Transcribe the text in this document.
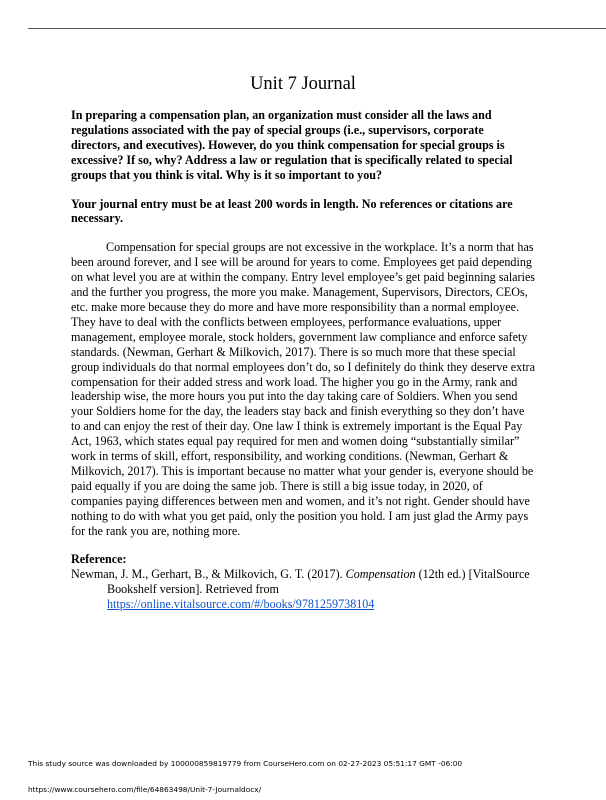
Unit 7 Journal

In preparing a compensation plan, an organization must consider all the laws and regulations associated with the pay of special groups (i.e., supervisors, corporate directors, and executives). However, do you think compensation for special groups is excessive? If so, why? Address a law or regulation that is specifically related to special groups that you think is vital. Why is it so important to you?

Your journal entry must be at least 200 words in length. No references or citations are necessary.

Compensation for special groups are not excessive in the workplace. It’s a norm that has been around forever, and I see will be around for years to come. Employees get paid depending on what level you are at within the company. Entry level employee’s get paid beginning salaries and the further you progress, the more you make. Management, Supervisors, Directors, CEOs, etc. make more because they do more and have more responsibility than a normal employee. They have to deal with the conflicts between employees, performance evaluations, upper management, employee morale, stock holders, government law compliance and enforce safety standards. (Newman, Gerhart & Milkovich, 2017). There is so much more that these special group individuals do that normal employees don’t do, so I definitely do think they deserve extra compensation for their added stress and work load. The higher you go in the Army, rank and leadership wise, the more hours you put into the day taking care of Soldiers. When you send your Soldiers home for the day, the leaders stay back and finish everything so they don’t have to and can enjoy the rest of their day. One law I think is extremely important is the Equal Pay Act, 1963, which states equal pay required for men and women doing “substantially similar” work in terms of skill, effort, responsibility, and working conditions. (Newman, Gerhart & Milkovich, 2017). This is important because no matter what your gender is, everyone should be paid equally if you are doing the same job. There is still a big issue today, in 2020, of companies paying differences between men and women, and it’s not right. Gender should have nothing to do with what you get paid, only the position you hold. I am just glad the Army pays for the rank you are, nothing more.

Reference:

Newman, J. M., Gerhart, B., & Milkovich, G. T. (2017). Compensation (12th ed.) [VitalSource Bookshelf version]. Retrieved from https://online.vitalsource.com/#/books/9781259738104

This study source was downloaded by 100000859819779 from CourseHero.com on 02-27-2023 05:51:17 GMT -06:00
https://www.coursehero.com/file/64863498/Unit-7-Journaldocx/
